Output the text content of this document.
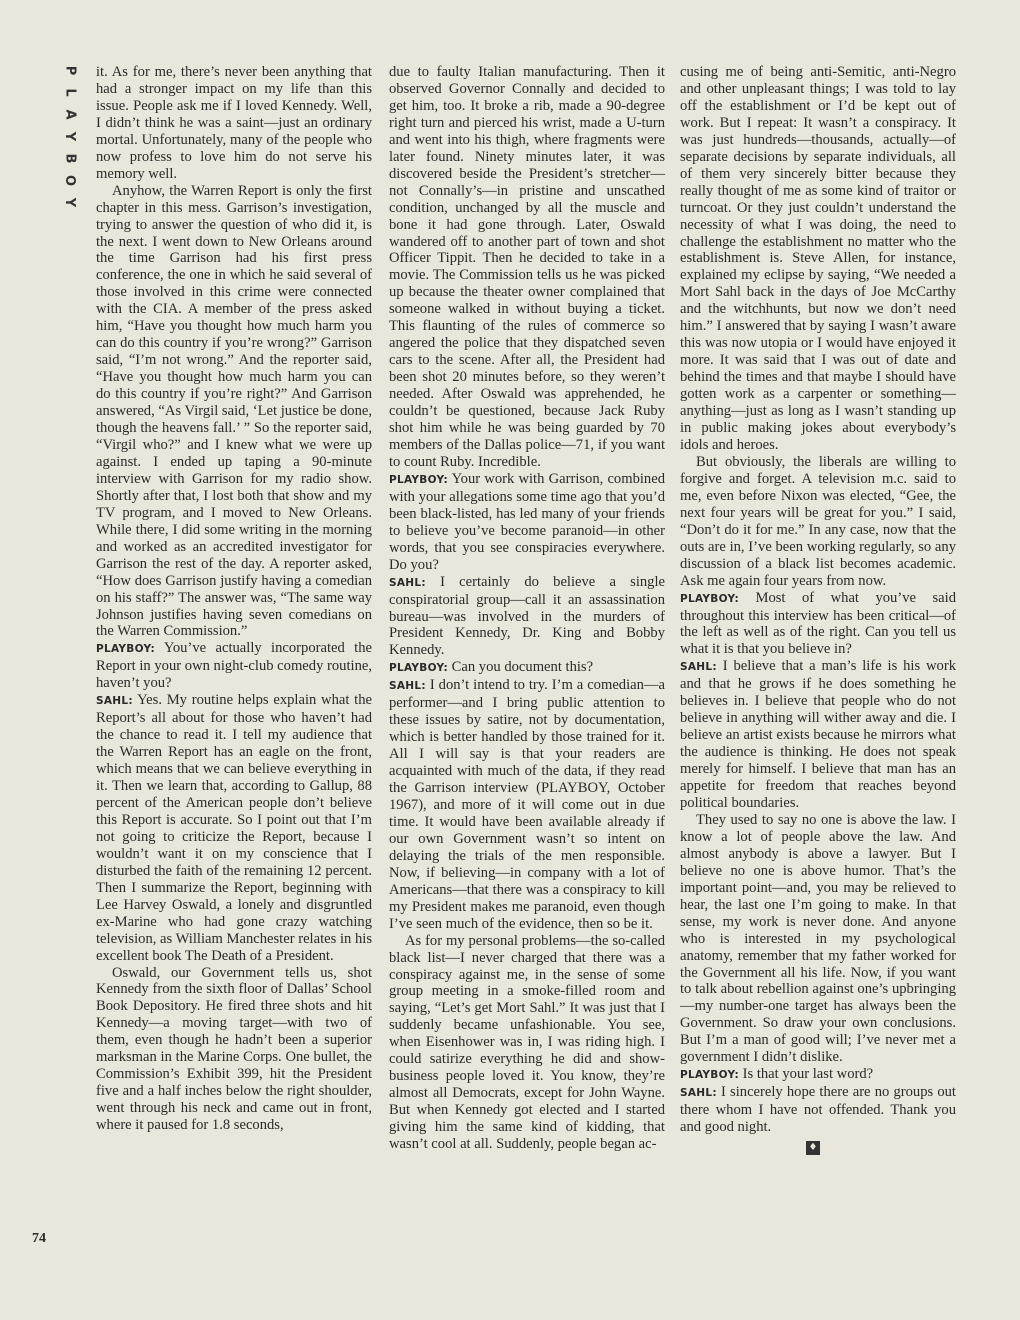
P
L
A
Y
B
O
Y

it. As for me, there’s never been anything that had a stronger impact on my life than this issue. People ask me if I loved Kennedy. Well, I didn’t think he was a saint—just an ordinary mortal. Unfortunately, many of the people who now profess to love him do not serve his memory well.

Anyhow, the Warren Report is only the first chapter in this mess. Garrison’s investigation, trying to answer the question of who did it, is the next. I went down to New Orleans around the time Garrison had his first press conference, the one in which he said several of those involved in this crime were connected with the CIA. A member of the press asked him, “Have you thought how much harm you can do this country if you’re wrong?” Garrison said, “I’m not wrong.” And the reporter said, “Have you thought how much harm you can do this country if you’re right?” And Garrison answered, “As Virgil said, ‘Let justice be done, though the heavens fall.’ ” So the reporter said, “Virgil who?” and I knew what we were up against. I ended up taping a 90-minute interview with Garrison for my radio show. Shortly after that, I lost both that show and my TV program, and I moved to New Orleans. While there, I did some writing in the morning and worked as an accredited investigator for Garrison the rest of the day. A reporter asked, “How does Garrison justify having a comedian on his staff?” The answer was, “The same way Johnson justifies having seven comedians on the Warren Commission.”

PLAYBOY: You’ve actually incorporated the Report in your own night-club comedy routine, haven’t you?

SAHL: Yes. My routine helps explain what the Report’s all about for those who haven’t had the chance to read it. I tell my audience that the Warren Report has an eagle on the front, which means that we can believe everything in it. Then we learn that, according to Gallup, 88 percent of the American people don’t believe this Report is accurate. So I point out that I’m not going to criticize the Report, because I wouldn’t want it on my conscience that I disturbed the faith of the remaining 12 percent. Then I summarize the Report, beginning with Lee Harvey Oswald, a lonely and disgruntled ex-Marine who had gone crazy watching television, as William Manchester relates in his excellent book The Death of a President.

Oswald, our Government tells us, shot Kennedy from the sixth floor of Dallas’ School Book Depository. He fired three shots and hit Kennedy—a moving target—with two of them, even though he hadn’t been a superior marksman in the Marine Corps. One bullet, the Commission’s Exhibit 399, hit the President five and a half inches below the right shoulder, went through his neck and came out in front, where it paused for 1.8 seconds,

due to faulty Italian manufacturing. Then it observed Governor Connally and decided to get him, too. It broke a rib, made a 90-degree right turn and pierced his wrist, made a U-turn and went into his thigh, where fragments were later found. Ninety minutes later, it was discovered beside the President’s stretcher—not Connally’s—in pristine and unscathed condition, unchanged by all the muscle and bone it had gone through. Later, Oswald wandered off to another part of town and shot Officer Tippit. Then he decided to take in a movie. The Commission tells us he was picked up because the theater owner complained that someone walked in without buying a ticket. This flaunting of the rules of commerce so angered the police that they dispatched seven cars to the scene. After all, the President had been shot 20 minutes before, so they weren’t needed. After Oswald was apprehended, he couldn’t be questioned, because Jack Ruby shot him while he was being guarded by 70 members of the Dallas police—71, if you want to count Ruby. Incredible.

PLAYBOY: Your work with Garrison, combined with your allegations some time ago that you’d been black-listed, has led many of your friends to believe you’ve become paranoid—in other words, that you see conspiracies everywhere. Do you?

SAHL: I certainly do believe a single conspiratorial group—call it an assassination bureau—was involved in the murders of President Kennedy, Dr. King and Bobby Kennedy.

PLAYBOY: Can you document this?

SAHL: I don’t intend to try. I’m a comedian—a performer—and I bring public attention to these issues by satire, not by documentation, which is better handled by those trained for it. All I will say is that your readers are acquainted with much of the data, if they read the Garrison interview (PLAYBOY, October 1967), and more of it will come out in due time. It would have been available already if our own Government wasn’t so intent on delaying the trials of the men responsible. Now, if believing—in company with a lot of Americans—that there was a conspiracy to kill my President makes me paranoid, even though I’ve seen much of the evidence, then so be it.

As for my personal problems—the so-called black list—I never charged that there was a conspiracy against me, in the sense of some group meeting in a smoke-filled room and saying, “Let’s get Mort Sahl.” It was just that I suddenly became unfashionable. You see, when Eisenhower was in, I was riding high. I could satirize everything he did and show-business people loved it. You know, they’re almost all Democrats, except for John Wayne. But when Kennedy got elected and I started giving him the same kind of kidding, that wasn’t cool at all. Suddenly, people began ac-

cusing me of being anti-Semitic, anti-Negro and other unpleasant things; I was told to lay off the establishment or I’d be kept out of work. But I repeat: It wasn’t a conspiracy. It was just hundreds—thousands, actually—of separate decisions by separate individuals, all of them very sincerely bitter because they really thought of me as some kind of traitor or turncoat. Or they just couldn’t understand the necessity of what I was doing, the need to challenge the establishment no matter who the establishment is. Steve Allen, for instance, explained my eclipse by saying, “We needed a Mort Sahl back in the days of Joe McCarthy and the witchhunts, but now we don’t need him.” I answered that by saying I wasn’t aware this was now utopia or I would have enjoyed it more. It was said that I was out of date and behind the times and that maybe I should have gotten work as a carpenter or something—anything—just as long as I wasn’t standing up in public making jokes about everybody’s idols and heroes.

But obviously, the liberals are willing to forgive and forget. A television m.c. said to me, even before Nixon was elected, “Gee, the next four years will be great for you.” I said, “Don’t do it for me.” In any case, now that the outs are in, I’ve been working regularly, so any discussion of a black list becomes academic. Ask me again four years from now.

PLAYBOY: Most of what you’ve said throughout this interview has been critical—of the left as well as of the right. Can you tell us what it is that you believe in?

SAHL: I believe that a man’s life is his work and that he grows if he does something he believes in. I believe that people who do not believe in anything will wither away and die. I believe an artist exists because he mirrors what the audience is thinking. He does not speak merely for himself. I believe that man has an appetite for freedom that reaches beyond political boundaries.

They used to say no one is above the law. I know a lot of people above the law. And almost anybody is above a lawyer. But I believe no one is above humor. That’s the important point—and, you may be relieved to hear, the last one I’m going to make. In that sense, my work is never done. And anyone who is interested in my psychological anatomy, remember that my father worked for the Government all his life. Now, if you want to talk about rebellion against one’s upbringing—my number-one target has always been the Government. So draw your own conclusions. But I’m a man of good will; I’ve never met a government I didn’t dislike.

PLAYBOY: Is that your last word?

SAHL: I sincerely hope there are no groups out there whom I have not offended. Thank you and good night.

♦
74
